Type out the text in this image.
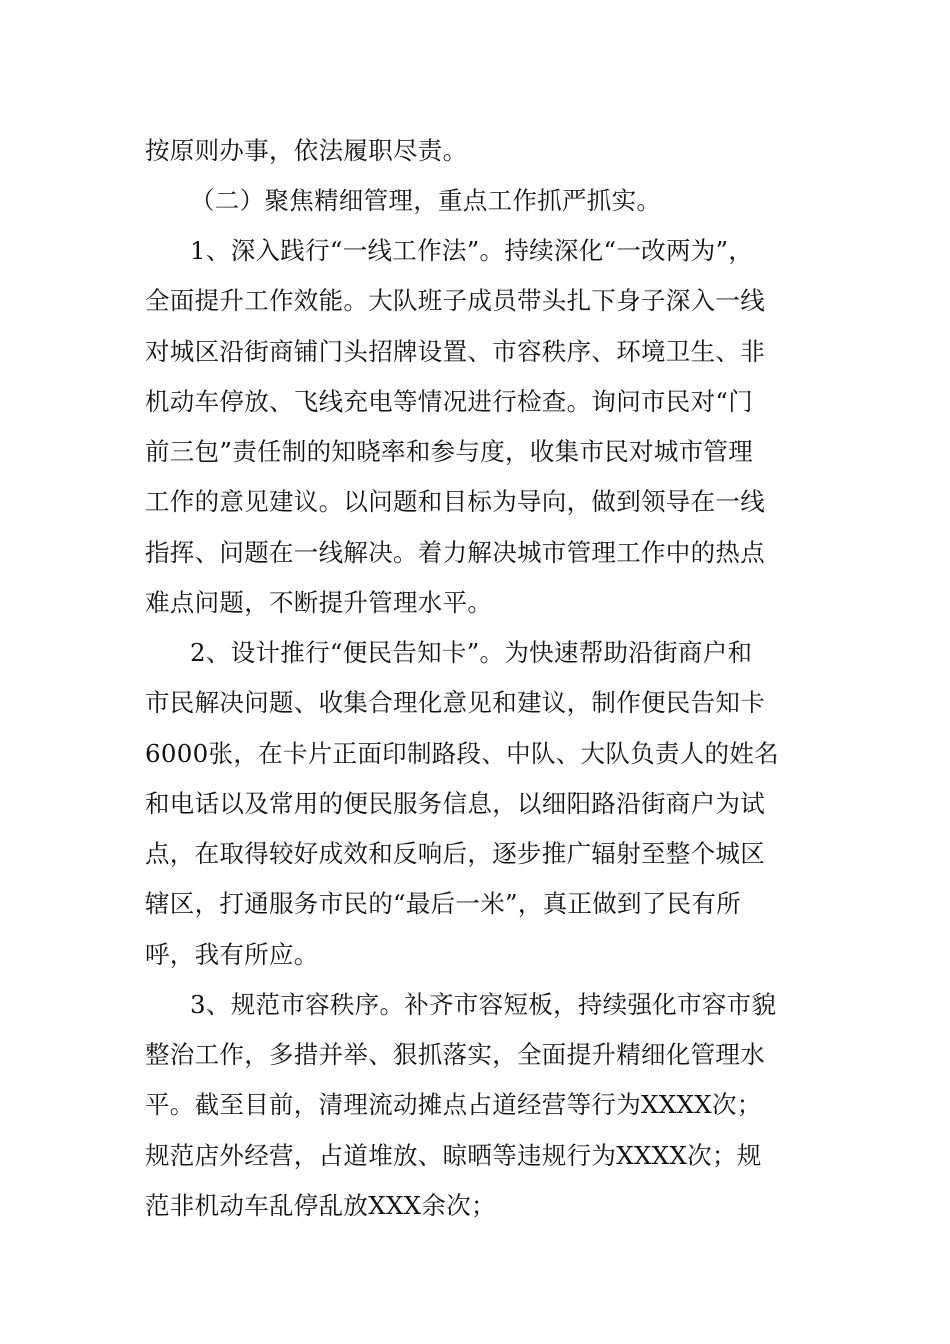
按原则办事，依法履职尽责。
（二）聚焦精细管理，重点工作抓严抓实。
1、深入践行“一线工作法”。持续深化“一改两为”，
全面提升工作效能。大队班子成员带头扎下身子深入一线
对城区沿街商铺门头招牌设置、市容秩序、环境卫生、非
机动车停放、飞线充电等情况进行检查。询问市民对“门
前三包”责任制的知晓率和参与度，收集市民对城市管理
工作的意见建议。以问题和目标为导向，做到领导在一线
指挥、问题在一线解决。着力解决城市管理工作中的热点
难点问题，不断提升管理水平。
2、设计推行“便民告知卡”。为快速帮助沿街商户和
市民解决问题、收集合理化意见和建议，制作便民告知卡
6000张，在卡片正面印制路段、中队、大队负责人的姓名
和电话以及常用的便民服务信息，以细阳路沿街商户为试
点，在取得较好成效和反响后，逐步推广辐射至整个城区
辖区，打通服务市民的“最后一米”，真正做到了民有所
呼，我有所应。
3、规范市容秩序。补齐市容短板，持续强化市容市貌
整治工作，多措并举、狠抓落实，全面提升精细化管理水
平。截至目前，清理流动摊点占道经营等行为XXXX次；
规范店外经营，占道堆放、晾晒等违规行为XXXX次；规
范非机动车乱停乱放XXX余次；
